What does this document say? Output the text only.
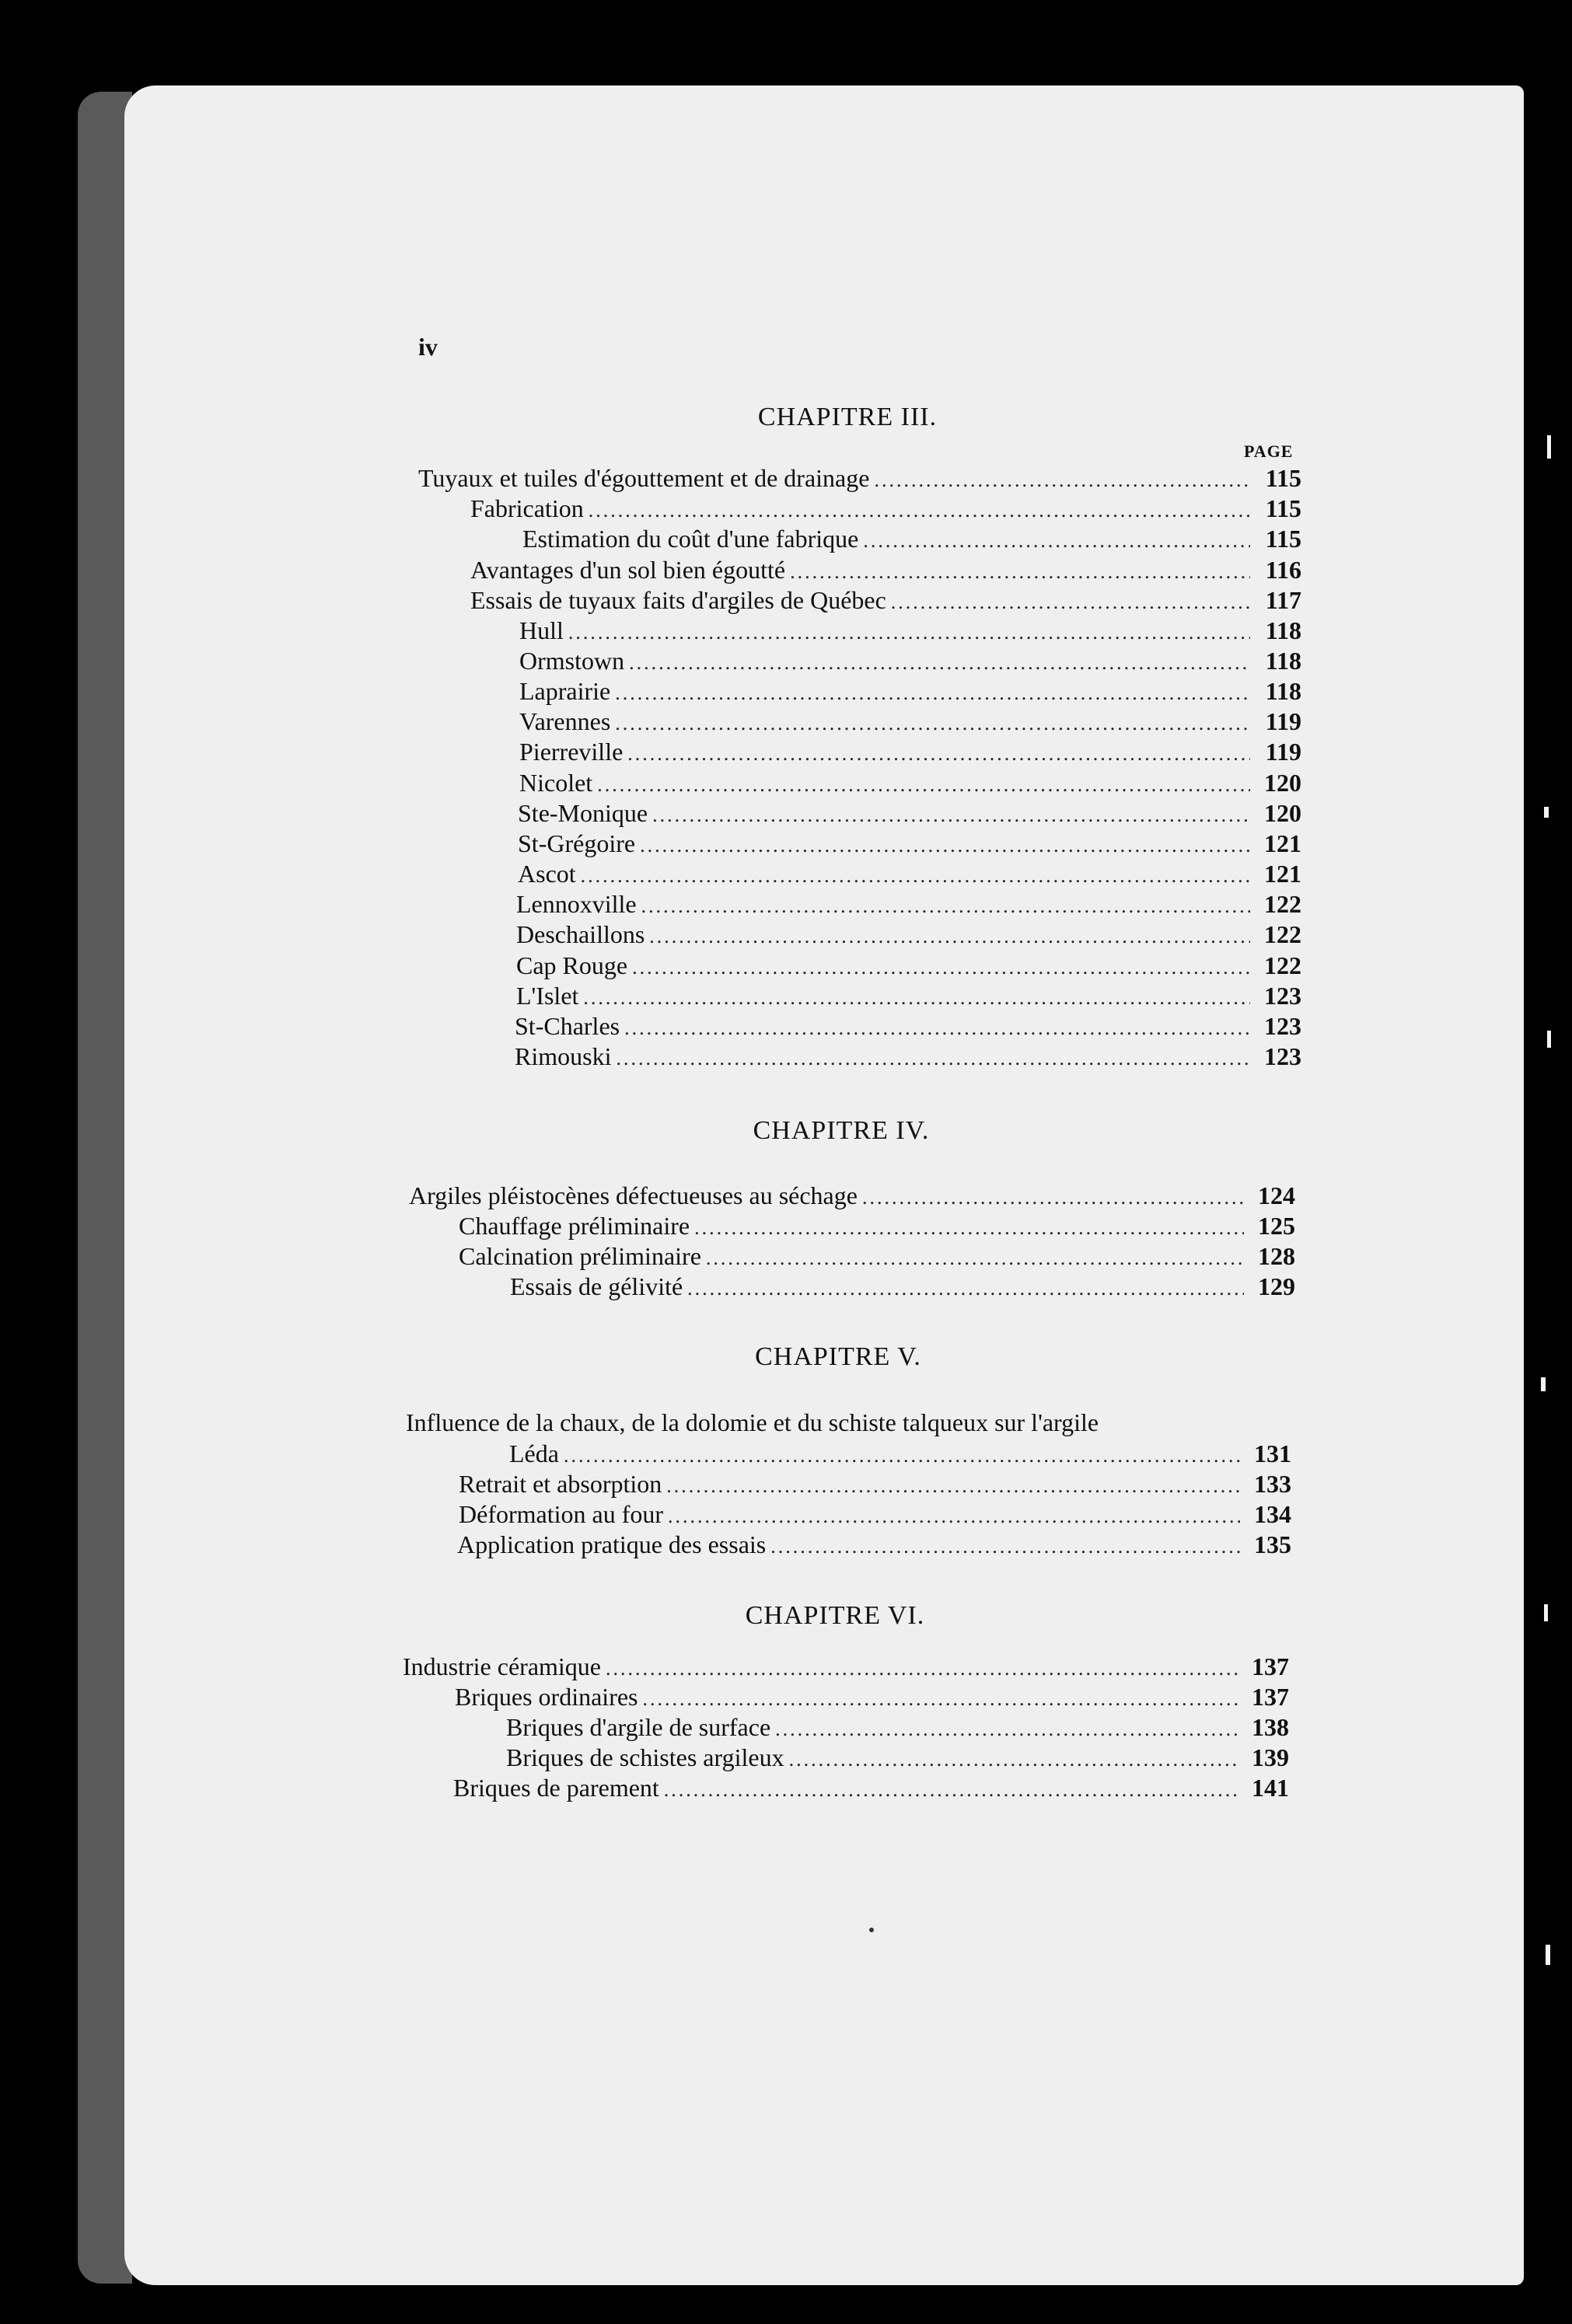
iv
CHAPITRE III.
PAGE
Tuyaux et tuiles d'égouttement et de drainage .....	115
Fabrication .....	115
Estimation du coût d'une fabrique .....	115
Avantages d'un sol bien égoutté .....	116
Essais de tuyaux faits d'argiles de Québec .....	117
Hull .....	118
Ormstown .....	118
Laprairie .....	118
Varennes .....	119
Pierreville .....	119
Nicolet .....	120
Ste-Monique .....	120
St-Grégoire .....	121
Ascot .....	121
Lennoxville .....	122
Deschaillons .....	122
Cap Rouge .....	122
L'Islet .....	123
St-Charles .....	123
Rimouski .....	123
CHAPITRE IV.
Argiles pléistocènes défectueuses au séchage .....	124
Chauffage préliminaire .....	125
Calcination préliminaire .....	128
Essais de gélivité .....	129
CHAPITRE V.
Influence de la chaux, de la dolomie et du schiste talqueux sur l'argile
Léda .....	131
Retrait et absorption .....	133
Déformation au four .....	134
Application pratique des essais .....	135
CHAPITRE VI.
Industrie céramique .....	137
Briques ordinaires .....	137
Briques d'argile de surface .....	138
Briques de schistes argileux .....	139
Briques de parement .....	141
